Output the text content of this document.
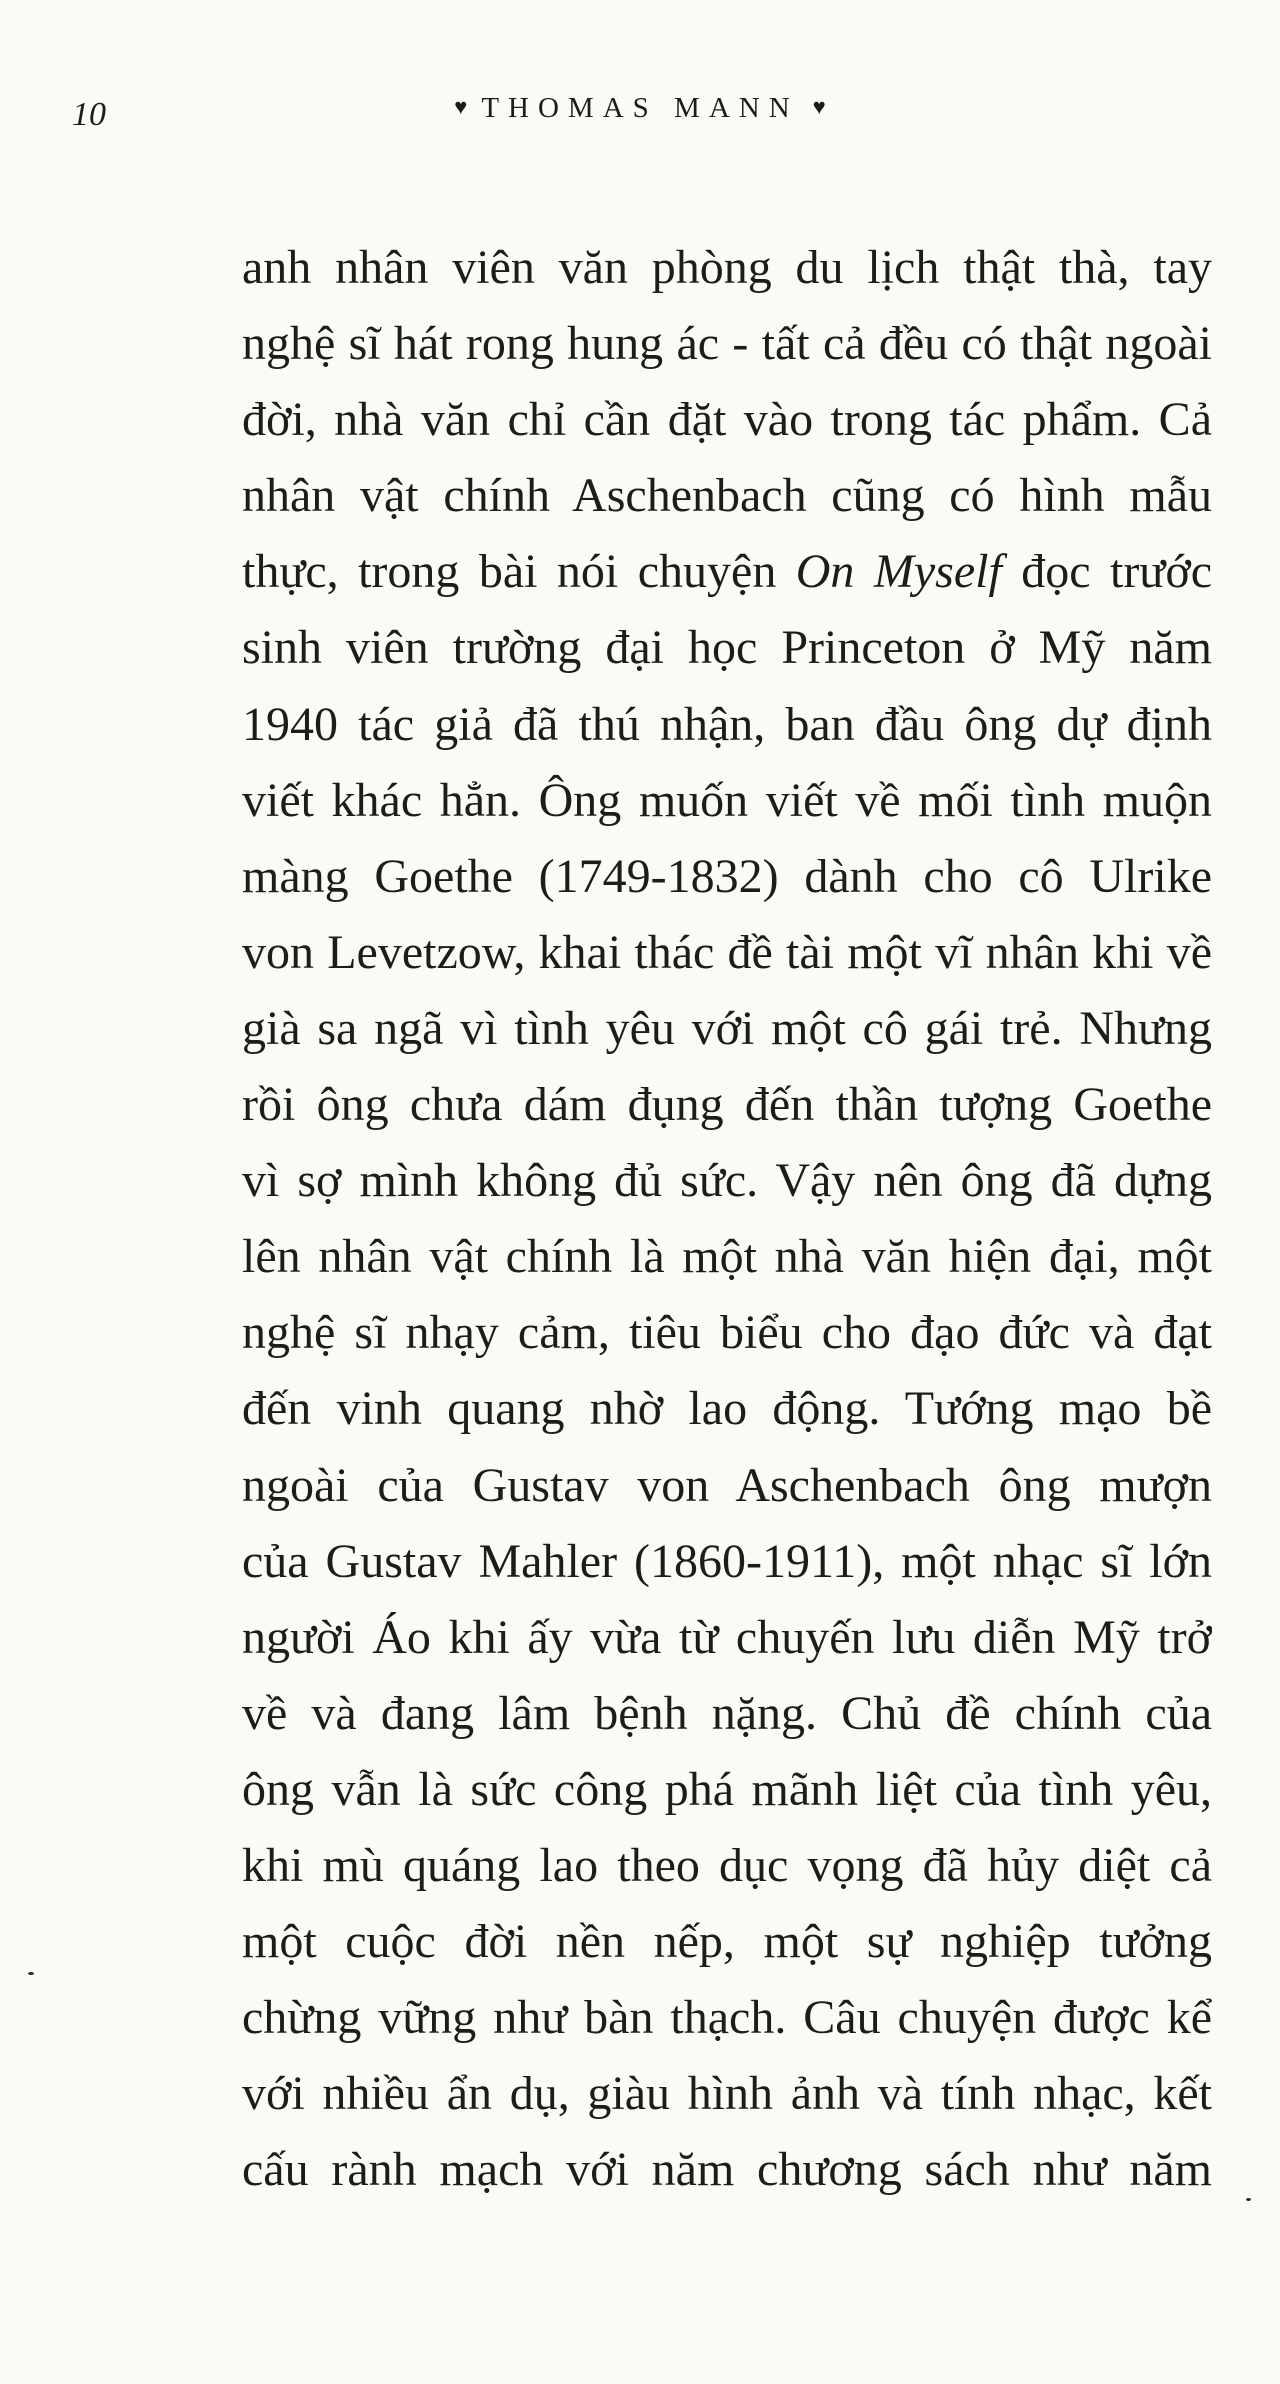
10	♥ THOMAS MANN ♥
anh nhân viên văn phòng du lịch thật thà, tay
nghệ sĩ hát rong hung ác - tất cả đều có thật ngoài
đời, nhà văn chỉ cần đặt vào trong tác phẩm. Cả
nhân vật chính Aschenbach cũng có hình mẫu
thực, trong bài nói chuyện On Myself đọc trước
sinh viên trường đại học Princeton ở Mỹ năm
1940 tác giả đã thú nhận, ban đầu ông dự định
viết khác hẳn. Ông muốn viết về mối tình muộn
màng Goethe (1749-1832) dành cho cô Ulrike
von Levetzow, khai thác đề tài một vĩ nhân khi về
già sa ngã vì tình yêu với một cô gái trẻ. Nhưng
rồi ông chưa dám đụng đến thần tượng Goethe
vì sợ mình không đủ sức. Vậy nên ông đã dựng
lên nhân vật chính là một nhà văn hiện đại, một
nghệ sĩ nhạy cảm, tiêu biểu cho đạo đức và đạt
đến vinh quang nhờ lao động. Tướng mạo bề
ngoài của Gustav von Aschenbach ông mượn
của Gustav Mahler (1860-1911), một nhạc sĩ lớn
người Áo khi ấy vừa từ chuyến lưu diễn Mỹ trở
về và đang lâm bệnh nặng. Chủ đề chính của
ông vẫn là sức công phá mãnh liệt của tình yêu,
khi mù quáng lao theo dục vọng đã hủy diệt cả
một cuộc đời nền nếp, một sự nghiệp tưởng
chừng vững như bàn thạch. Câu chuyện được kể
với nhiều ẩn dụ, giàu hình ảnh và tính nhạc, kết
cấu rành mạch với năm chương sách như năm
